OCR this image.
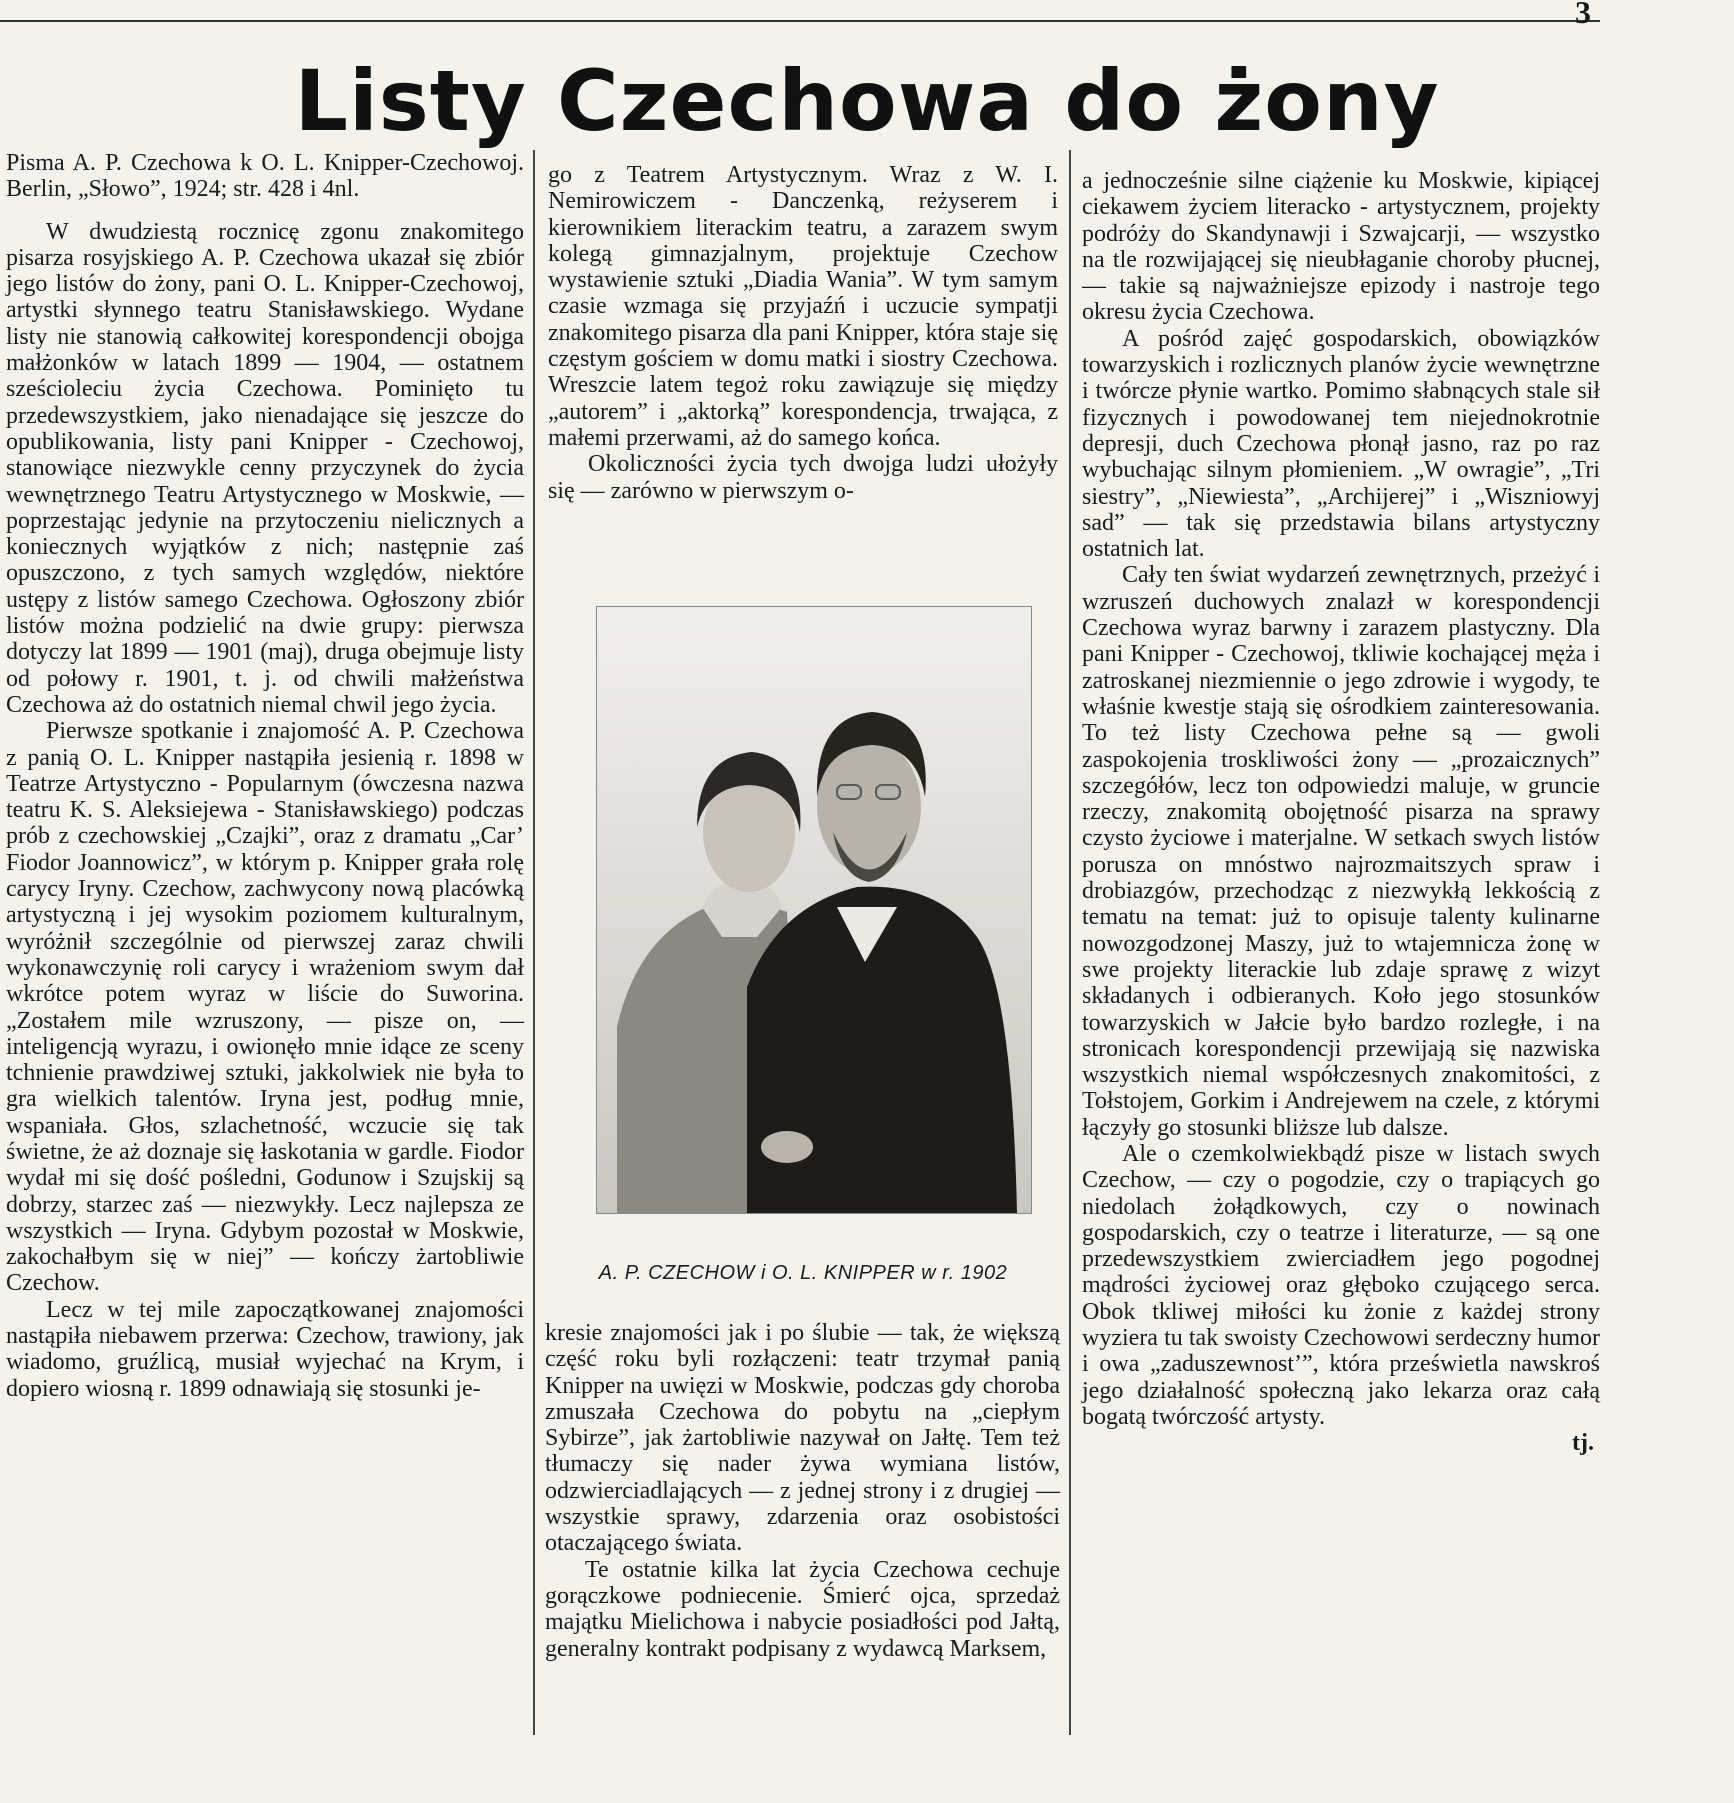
3
Listy Czechowa do żony

Pisma A. P. Czechowa k O. L. Knipper-Czechowoj. Berlin, „Słowo”, 1924; str. 428 i 4nl.

W dwudziestą rocznicę zgonu znakomitego pisarza rosyjskiego A. P. Czechowa ukazał się zbiór jego listów do żony, pani O. L. Knipper-Czechowoj, artystki słynnego teatru Stanisławskiego. Wydane listy nie stanowią całkowitej korespondencji obojga małżonków w latach 1899 — 1904, — ostatnem sześcioleciu życia Czechowa. Pominięto tu przedewszystkiem, jako nienadające się jeszcze do opublikowania, listy pani Knipper - Czechowoj, stanowiące niezwykle cenny przyczynek do życia wewnętrznego Teatru Artystycznego w Moskwie, — poprzestając jedynie na przytoczeniu nielicznych a koniecznych wyjątków z nich; następnie zaś opuszczono, z tych samych względów, niektóre ustępy z listów samego Czechowa. Ogłoszony zbiór listów można podzielić na dwie grupy: pierwsza dotyczy lat 1899 — 1901 (maj), druga obejmuje listy od połowy r. 1901, t. j. od chwili małżeństwa Czechowa aż do ostatnich niemal chwil jego życia.

Pierwsze spotkanie i znajomość A. P. Czechowa z panią O. L. Knipper nastąpiła jesienią r. 1898 w Teatrze Artystyczno - Popularnym (ówczesna nazwa teatru K. S. Aleksiejewa - Stanisławskiego) podczas prób z czechowskiej „Czajki”, oraz z dramatu „Car’ Fiodor Joannowicz”, w którym p. Knipper grała rolę carycy Iryny. Czechow, zachwycony nową placówką artystyczną i jej wysokim poziomem kulturalnym, wyróżnił szczególnie od pierwszej zaraz chwili wykonawczynię roli carycy i wrażeniom swym dał wkrótce potem wyraz w liście do Suworina. „Zostałem mile wzruszony, — pisze on, — inteligencją wyrazu, i owionęło mnie idące ze sceny tchnienie prawdziwej sztuki, jakkolwiek nie była to gra wielkich talentów. Iryna jest, podług mnie, wspaniała. Głos, szlachetność, wczucie się tak świetne, że aż doznaje się łaskotania w gardle. Fiodor wydał mi się dość pośledni, Godunow i Szujskij są dobrzy, starzec zaś — niezwykły. Lecz najlepsza ze wszystkich — Iryna. Gdybym pozostał w Moskwie, zakochałbym się w niej” — kończy żartobliwie Czechow.

Lecz w tej mile zapoczątkowanej znajomości nastąpiła niebawem przerwa: Czechow, trawiony, jak wiadomo, gruźlicą, musiał wyjechać na Krym, i dopiero wiosną r. 1899 odnawiają się stosunki je-

go z Teatrem Artystycznym. Wraz z W. I. Nemirowiczem - Danczenką, reżyserem i kierownikiem literackim teatru, a zarazem swym kolegą gimnazjalnym, projektuje Czechow wystawienie sztuki „Diadia Wania”. W tym samym czasie wzmaga się przyjaźń i uczucie sympatji znakomitego pisarza dla pani Knipper, która staje się częstym gościem w domu matki i siostry Czechowa. Wreszcie latem tegoż roku zawiązuje się między „autorem” i „aktorką” korespondencja, trwająca, z małemi przerwami, aż do samego końca.

Okoliczności życia tych dwojga ludzi ułożyły się — zarówno w pierwszym o-

A. P. CZECHOW i O. L. KNIPPER w r. 1902

kresie znajomości jak i po ślubie — tak, że większą część roku byli rozłączeni: teatr trzymał panią Knipper na uwięzi w Moskwie, podczas gdy choroba zmuszała Czechowa do pobytu na „ciepłym Sybirze”, jak żartobliwie nazywał on Jałtę. Tem też tłumaczy się nader żywa wymiana listów, odzwierciadlających — z jednej strony i z drugiej — wszystkie sprawy, zdarzenia oraz osobistości otaczającego świata.

Te ostatnie kilka lat życia Czechowa cechuje gorączkowe podniecenie. Śmierć ojca, sprzedaż majątku Mielichowa i nabycie posiadłości pod Jałtą, generalny kontrakt podpisany z wydawcą Marksem,

a jednocześnie silne ciążenie ku Moskwie, kipiącej ciekawem życiem literacko - artystycznem, projekty podróży do Skandynawji i Szwajcarji, — wszystko na tle rozwijającej się nieubłaganie choroby płucnej, — takie są najważniejsze epizody i nastroje tego okresu życia Czechowa.

A pośród zajęć gospodarskich, obowiązków towarzyskich i rozlicznych planów życie wewnętrzne i twórcze płynie wartko. Pomimo słabnących stale sił fizycznych i powodowanej tem niejednokrotnie depresji, duch Czechowa płonął jasno, raz po raz wybuchając silnym płomieniem. „W owragie”, „Tri siestry”, „Niewiesta”, „Archijerej” i „Wiszniowyj sad” — tak się przedstawia bilans artystyczny ostatnich lat.

Cały ten świat wydarzeń zewnętrznych, przeżyć i wzruszeń duchowych znalazł w korespondencji Czechowa wyraz barwny i zarazem plastyczny. Dla pani Knipper - Czechowoj, tkliwie kochającej męża i zatroskanej niezmiennie o jego zdrowie i wygody, te właśnie kwestje stają się ośrodkiem zainteresowania. To też listy Czechowa pełne są — gwoli zaspokojenia troskliwości żony — „prozaicznych” szczegółów, lecz ton odpowiedzi maluje, w gruncie rzeczy, znakomitą obojętność pisarza na sprawy czysto życiowe i materjalne. W setkach swych listów porusza on mnóstwo najrozmaitszych spraw i drobiazgów, przechodząc z niezwykłą lekkością z tematu na temat: już to opisuje talenty kulinarne nowozgodzonej Maszy, już to wtajemnicza żonę w swe projekty literackie lub zdaje sprawę z wizyt składanych i odbieranych. Koło jego stosunków towarzyskich w Jałcie było bardzo rozległe, i na stronicach korespondencji przewijają się nazwiska wszystkich niemal współczesnych znakomitości, z Tołstojem, Gorkim i Andrejewem na czele, z którymi łączyły go stosunki bliższe lub dalsze.

Ale o czemkolwiekbądź pisze w listach swych Czechow, — czy o pogodzie, czy o trapiących go niedolach żołądkowych, czy o nowinach gospodarskich, czy o teatrze i literaturze, — są one przedewszystkiem zwierciadłem jego pogodnej mądrości życiowej oraz głęboko czującego serca. Obok tkliwej miłości ku żonie z każdej strony wyziera tu tak swoisty Czechowowi serdeczny humor i owa „zaduszewnost’”, która prześwietla nawskroś jego działalność społeczną jako lekarza oraz całą bogatą twórczość artysty.

tj.
